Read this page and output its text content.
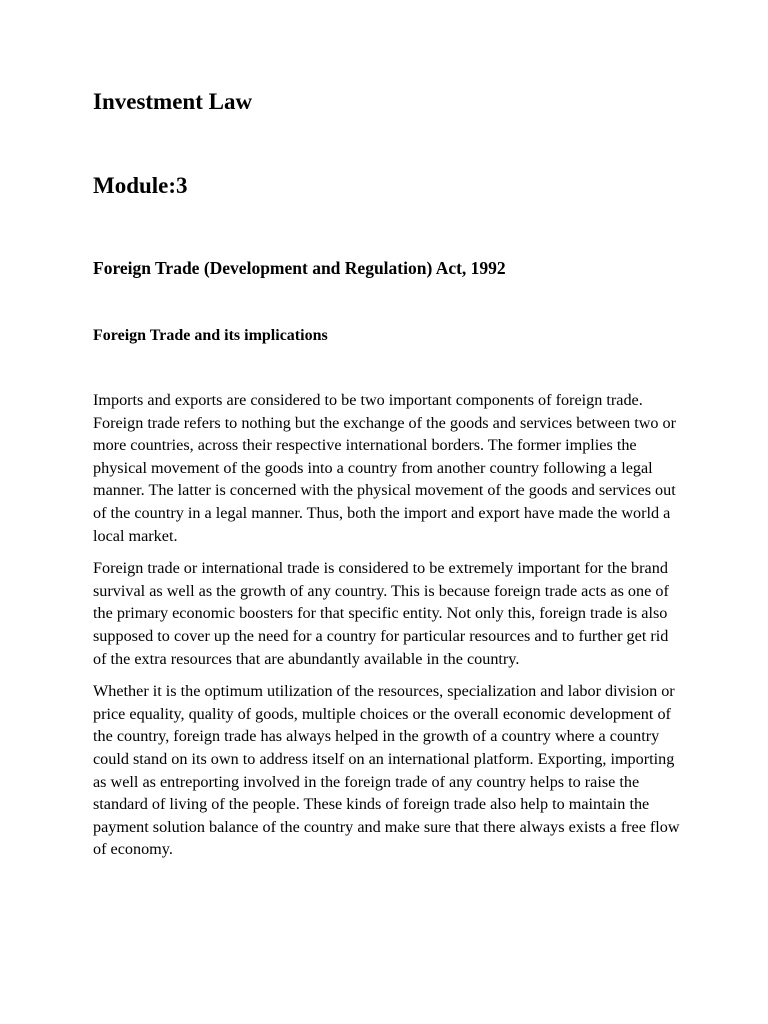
Investment Law
Module:3
Foreign Trade (Development and Regulation) Act, 1992
Foreign Trade and its implications

Imports and exports are considered to be two important components of foreign trade. Foreign trade refers to nothing but the exchange of the goods and services between two or more countries, across their respective international borders. The former implies the physical movement of the goods into a country from another country following a legal manner. The latter is concerned with the physical movement of the goods and services out of the country in a legal manner. Thus, both the import and export have made the world a local market.

Foreign trade or international trade is considered to be extremely important for the brand survival as well as the growth of any country. This is because foreign trade acts as one of the primary economic boosters for that specific entity. Not only this, foreign trade is also supposed to cover up the need for a country for particular resources and to further get rid of the extra resources that are abundantly available in the country.

Whether it is the optimum utilization of the resources, specialization and labor division or price equality, quality of goods, multiple choices or the overall economic development of the country, foreign trade has always helped in the growth of a country where a country could stand on its own to address itself on an international platform. Exporting, importing as well as entreporting involved in the foreign trade of any country helps to raise the standard of living of the people. These kinds of foreign trade also help to maintain the payment solution balance of the country and make sure that there always exists a free flow of economy.
